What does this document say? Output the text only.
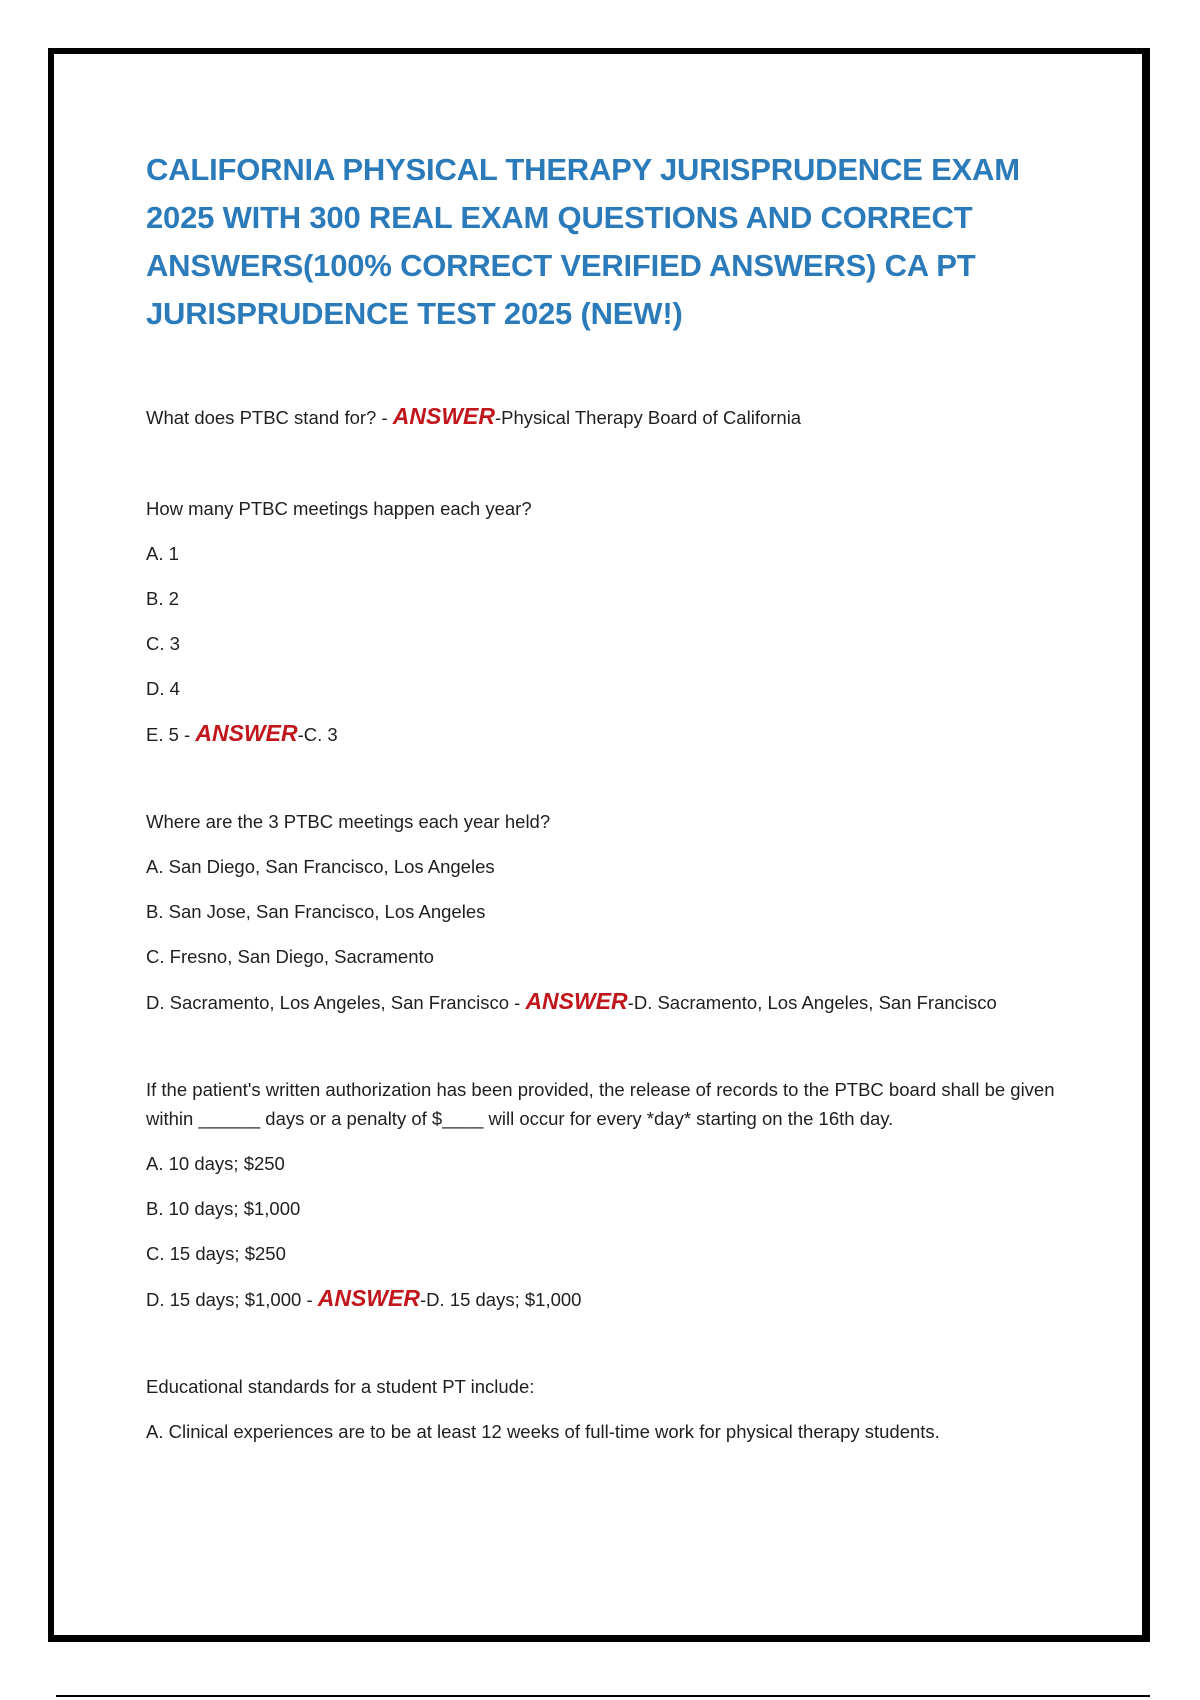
CALIFORNIA PHYSICAL THERAPY JURISPRUDENCE EXAM 2025 WITH 300 REAL EXAM QUESTIONS AND CORRECT ANSWERS(100% CORRECT VERIFIED ANSWERS) CA PT JURISPRUDENCE TEST 2025 (NEW!)

What does PTBC stand for? - ANSWER-Physical Therapy Board of California

How many PTBC meetings happen each year?

A. 1

B. 2

C. 3

D. 4

E. 5 - ANSWER-C. 3

Where are the 3 PTBC meetings each year held?

A. San Diego, San Francisco, Los Angeles

B. San Jose, San Francisco, Los Angeles

C. Fresno, San Diego, Sacramento

D. Sacramento, Los Angeles, San Francisco - ANSWER-D. Sacramento, Los Angeles, San Francisco

If the patient's written authorization has been provided, the release of records to the PTBC board shall be given within ______ days or a penalty of $____ will occur for every *day* starting on the 16th day.

A. 10 days; $250

B. 10 days; $1,000

C. 15 days; $250

D. 15 days; $1,000 - ANSWER-D. 15 days; $1,000

Educational standards for a student PT include:

A. Clinical experiences are to be at least 12 weeks of full-time work for physical therapy students.
